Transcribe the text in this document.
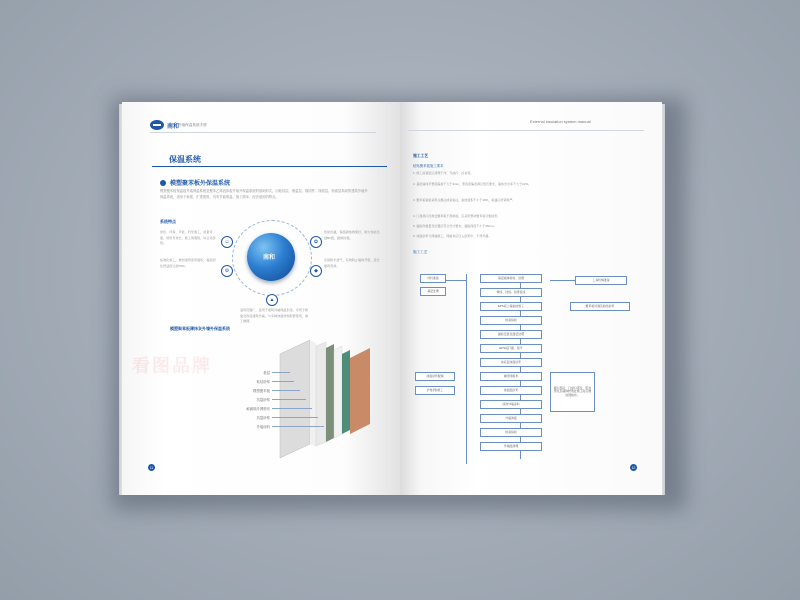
看图品牌
南和
外墙保温系统手册
保温系统
模塑聚苯板外保温系统
模塑聚苯板保温板外墙保温系统是聚苯乙烯泡沫板外墙外保温系统的基础形式，由粘结层、保温层、锚固件、抹面层、饰面层构成的建筑外墙外保温系统，适用于新建、扩建建筑，具有节能保温、施工简单、经济适用的特点。
系统特点
南和
☺
⚙
✿
◆
▲
绿色、环保、节能，科学施工，质量可靠，使用寿命长，施工周期短，综合造价低。
标准化施工，增加建筑使用面积，提高居住舒适度达到70%。
性能优越，保温隔热效果好，防火性能达到B1级，耐候性强。
系统防水透气，有效防止墙体开裂，延长建筑寿命。
适用范围广，适用于建筑外墙保温系统，可用于新建及改造建筑外墙，与多种饰面材料配套使用，施工便捷。
模塑聚苯板薄抹灰外墙外保温系统
基层
粘结砂浆
模塑聚苯板
抗裂砂浆
耐碱玻纤网格布
抗裂砂浆
外墙涂料
11
External insulation system manual
施工工艺
粘贴聚苯板施工要求
1. 施工前基层应清理干净，无油污、浮灰等。
2. 基层墙体平整度偏差不大于4mm，垂直度偏差满足规范要求，墙体含水率不大于10%。
3. 聚苯板粘贴采用点框法或条粘法，粘结面积不小于40%，板缝应挤紧拼严。
4. 门窗洞口四角处聚苯板不得拼接，应采用整块聚苯板切割成型。
5. 锚固件数量及位置应符合设计要求，锚固深度不小于25mm。
6. 抹面砂浆分两遍施工，网格布应压入砂浆中，不得外露。
施工工艺
材料准备
基层处理
基层墙体验收、处理
弹线、挂线、找垂直线
EPS板上墙粘结施工
检查验收
锚栓安装及面层处理
EPS板打磨、找平
抹底层抹面砂浆
铺设网格布
抹面层砂浆
涂饰外墙涂料
外墙饰面
检查验收
外墙面清理
工具机械准备
聚苯板切割及粘结砂浆
抹面砂浆配制
护角(网)施工
檐口部位、门窗口部位、阳台部位及墙体转角处施工时应增加网格布。
12
